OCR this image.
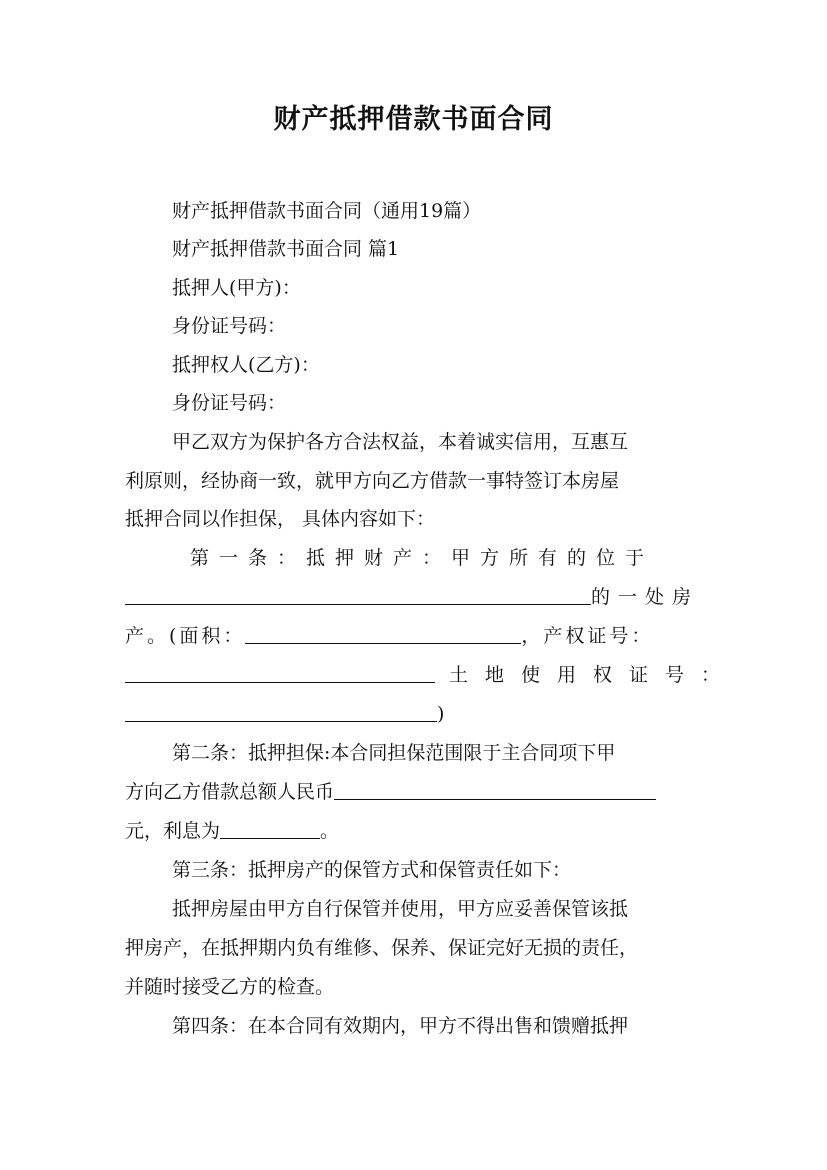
财产抵押借款书面合同
财产抵押借款书面合同（通用19篇）
财产抵押借款书面合同 篇1
抵押人(甲方)：
身份证号码：
抵押权人(乙方)：
身份证号码：
甲乙双方为保护各方合法权益，本着诚实信用，互惠互
利原则，经协商一致，就甲方向乙方借款一事特签订本房屋
抵押合同以作担保， 具体内容如下：
第一条：抵押财产：甲方所有的位于
的一处房
产。(面积：	，产权证号：
土地使用权证号：
)
第二条：抵押担保:本合同担保范围限于主合同项下甲
方向乙方借款总额人民币
元，利息为	。
第三条：抵押房产的保管方式和保管责任如下：
抵押房屋由甲方自行保管并使用，甲方应妥善保管该抵
押房产，在抵押期内负有维修、保养、保证完好无损的责任，
并随时接受乙方的检查。
第四条：在本合同有效期内，甲方不得出售和馈赠抵押
